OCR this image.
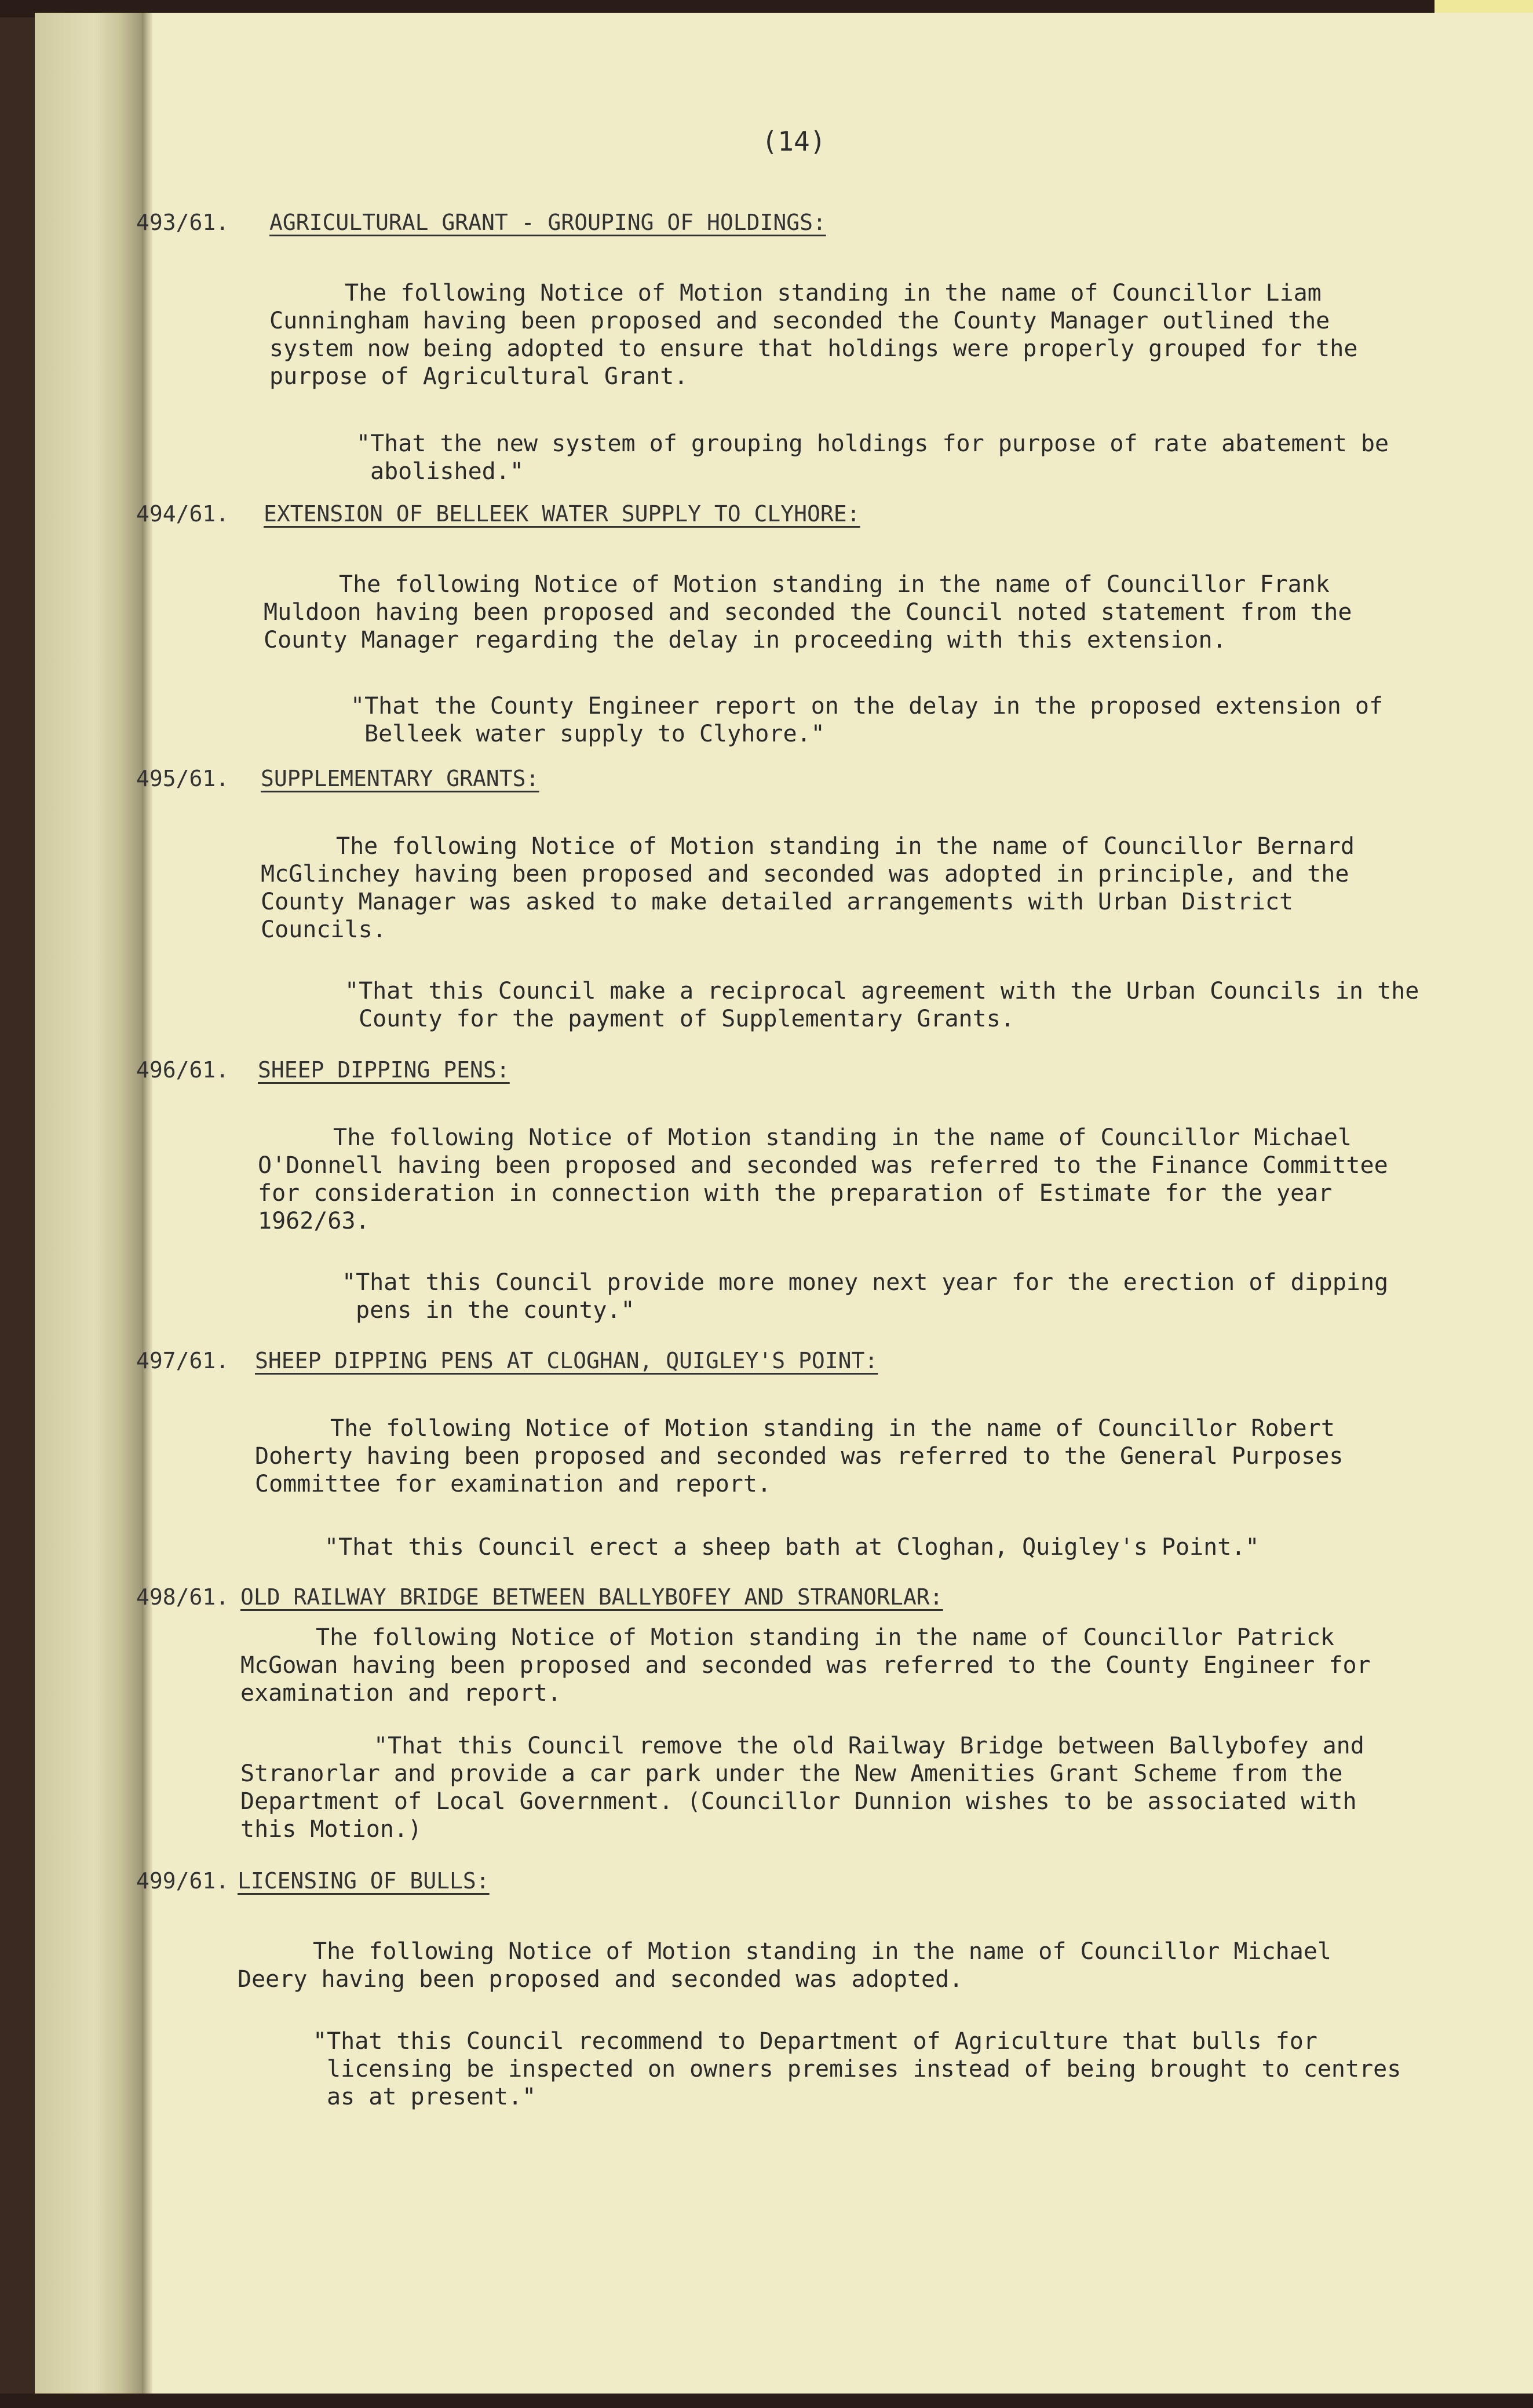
(14)
493/61. AGRICULTURAL GRANT - GROUPING OF HOLDINGS:
The following Notice of Motion standing in the name of Councillor Liam Cunningham having been proposed and seconded the County Manager outlined the system now being adopted to ensure that holdings were properly grouped for the purpose of Agricultural Grant.
"That the new system of grouping holdings for purpose of rate abatement be abolished."
494/61. EXTENSION OF BELLEEK WATER SUPPLY TO CLYHORE:
The following Notice of Motion standing in the name of Councillor Frank Muldoon having been proposed and seconded the Council noted statement from the County Manager regarding the delay in proceeding with this extension.
"That the County Engineer report on the delay in the proposed extension of Belleek water supply to Clyhore."
495/61. SUPPLEMENTARY GRANTS:
The following Notice of Motion standing in the name of Councillor Bernard McGlinchey having been proposed and seconded was adopted in principle, and the County Manager was asked to make detailed arrangements with Urban District Councils.
"That this Council make a reciprocal agreement with the Urban Councils in the County for the payment of Supplementary Grants.
496/61. SHEEP DIPPING PENS:
The following Notice of Motion standing in the name of Councillor Michael O'Donnell having been proposed and seconded was referred to the Finance Committee for consideration in connection with the preparation of Estimate for the year 1962/63.
"That this Council provide more money next year for the erection of dipping pens in the county."
497/61. SHEEP DIPPING PENS AT CLOGHAN, QUIGLEY'S POINT:
The following Notice of Motion standing in the name of Councillor Robert Doherty having been proposed and seconded was referred to the General Purposes Committee for examination and report.
"That this Council erect a sheep bath at Cloghan, Quigley's Point."
498/61. OLD RAILWAY BRIDGE BETWEEN BALLYBOFEY AND STRANORLAR:
The following Notice of Motion standing in the name of Councillor Patrick McGowan having been proposed and seconded was referred to the County Engineer for examination and report.
"That this Council remove the old Railway Bridge between Ballybofey and Stranorlar and provide a car park under the New Amenities Grant Scheme from the Department of Local Government. (Councillor Dunnion wishes to be associated with this Motion.)
499/61. LICENSING OF BULLS:
The following Notice of Motion standing in the name of Councillor Michael Deery having been proposed and seconded was adopted.
"That this Council recommend to Department of Agriculture that bulls for licensing be inspected on owners premises instead of being brought to centres as at present."
